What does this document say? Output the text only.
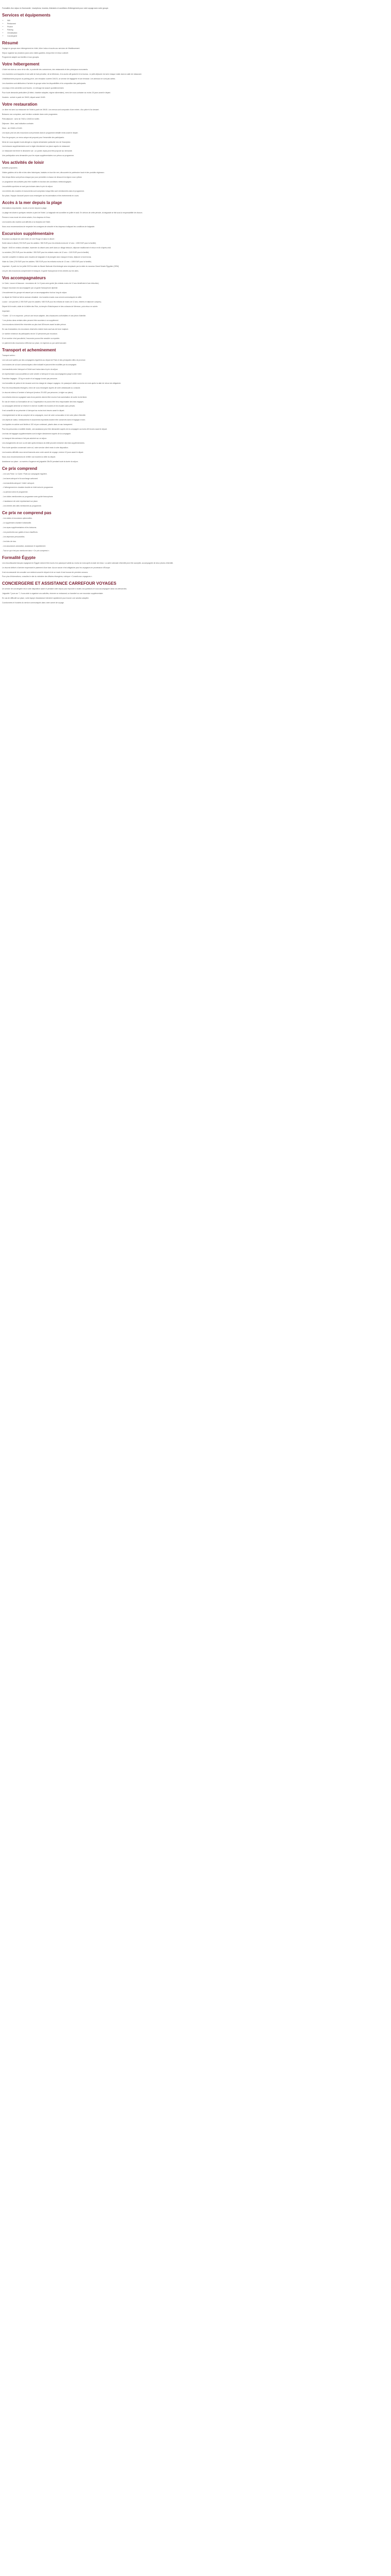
Formalités d'un séjour en Normandie : inscriptions, horaires, itinéraires et conditions d'hébergement pour votre voyage avec votre groupe.

Services et équipements
• Wifi
• Restaurant
• Piscine
• Parking
• Climatisation
• Conciergerie
Résumé

Voyage en groupe avec hébergement en hôtel, dîner inclus et accès aux services de l'établissement.

Séjour organisé sur plusieurs jours avec visites guidées, temps libre et retour collectif.

Programme adapté aux familles et aux groupes.

Votre hébergement

L'hôtel est situé au cœur de la ville, à proximité des commerces, des restaurants et des principaux monuments.

Les chambres sont équipées d'une salle de bain privative, de la télévision, d'un accès wifi gratuit et d'un bureau. Le petit-déjeuner est servi chaque matin dans la salle de restaurant.

L'établissement propose un parking privé, une réception ouverte 24h/24, un service de bagagerie et une terrasse. Les animaux ne sont pas admis.

Les chambres sont attribuées à l'arrivée du groupe selon les disponibilités et la composition des participants.

Les draps et les serviettes sont fournis. Le ménage est assuré quotidiennement.

Pour toute demande particulière (lit bébé, chambre adaptée, régime alimentaire), merci de nous contacter au moins 15 jours avant le départ.

Horaires : arrivée à partir de 15h00, départ avant 11h00.

Votre restauration

Le dîner est servi au restaurant de l'hôtel à partir de 19h30. Les menus sont composés d'une entrée, d'un plat et d'un dessert.

Boissons non comprises, sauf mention contraire dans votre programme.

Petit-déjeuner : servi de 7h00 à 10h00 en buffet.

Déjeuner : libre, sauf indication contraire.

Dîner : de 19h30 à 21h30.

Les repas pris lors des excursions sont précisés dans le programme détaillé remis avant le départ.

Pour les groupes, un menu unique est proposé pour l'ensemble des participants.

Merci de nous signaler toute allergie ou régime alimentaire particulier lors de l'inscription.

Les boissons supplémentaires sont à régler directement sur place auprès du restaurant.

Le restaurant est fermé le dimanche soir ; un panier-repas peut être proposé sur demande.

Une participation sera demandée pour les repas supplémentaires non prévus au programme.

Vos activités de loisir

Activités proposées :

Visites guidées de la ville et des sites historiques, balades en bord de mer, découverte du patrimoine local et des produits régionaux.

Des temps libres sont prévus chaque jour pour permettre à chacun de découvrir la région à son rythme.

Le programme des activités peut être modifié en fonction des conditions météorologiques.

Les activités sportives ne sont pas incluses dans le prix du séjour.

Les entrées des musées et monuments sont comprises lorsqu'elles sont mentionnées dans le programme.

Sur place, l'équipe d'accueil pourra vous renseigner sur les animations et les événements en cours.

Accès à la mer depuis la plage

Informations importantes : Accès à la mer depuis la plage.

La plage est située à quelques minutes à pied de l'hôtel. La baignade est surveillée en juillet et août. En dehors de cette période, la baignade se fait sous la responsabilité de chacun.

Pensez à vous munir de crème solaire, d'un chapeau et d'eau.

Les horaires des marées sont affichés à la réception de l'hôtel.

Nous vous recommandons de respecter les consignes de sécurité et les drapeaux indiquant les conditions de baignade.

Excursion supplémentaire

Excursion au départ de votre hôtel, en mer Rouge et dans le désert :

Sortie dans le désert (700 EUR pour les adultes / 350 EUR pour les enfants moins de 12 ans = 1050 EUR pour la famille)

Départ : 6h30 en minibus climatisé, traversée du désert avec arrêt dans un village bédouin, déjeuner traditionnel et retour en fin d'après-midi.

La croisière (750 EUR pour les adultes / 350 EUR pour les enfants moins de 12 ans = 1100 EUR pour la famille)

Journée complète en bateau avec escales de baignade et de plongée avec masque et tuba, déjeuner à bord inclus.

Visite du Caire (700 EUR pour les adultes / 350 EUR pour les enfants moins de 12 ans = 1050 EUR pour la famille)

Important : À partir du 1er juillet 2023 la visite du Musée National d'Archéologie sera remplacée par la visite du nouveau Grand Musée Égyptien (GEM).

Les prix des excursions comprennent le transport, le guide francophone et les entrées sur les sites.

Vos accompagnateurs

Le Caire, Louxor et Assouan : excursions de 1 à 3 jours avec guide (les enfants moins de 12 ans bénéficient d'une réduction).

Chaque excursion est accompagnée par un guide francophone diplômé.

L'encadrement du groupe est assuré par un accompagnateur tout au long du séjour.

Le départ de l'hôtel se fait en autocar climatisé. Les horaires exacts vous seront communiqués la veille.

Louxor : une journée (1 050 EUR pour les adultes / 480 EUR pour les enfants de moins de 12 ans, entrées et déjeuner compris).

Départ tôt le matin, visite de la Vallée des Rois, du temple d'Hatchepsout et des colosses de Memnon, puis retour en soirée.

Important :

* Durée : 12 h en moyenne ; prévoir une tenue adaptée, des chaussures confortables et une pièce d'identité.

* Les photos dans certains sites peuvent être soumises à un supplément.

Les excursions doivent être réservées au plus tard 48 heures avant la date prévue.

En cas d'annulation, les excursions réservées restent dues sauf cas de force majeure.

Le nombre minimum de participants est de 10 personnes par excursion.

Si ce nombre n'est pas atteint, l'excursion pourra être annulée ou reportée.

Le paiement des excursions s'effectue sur place, en espèces ou par carte bancaire.

Transport et acheminement

Transport aérien :

Les vols sont opérés par des compagnies régulières au départ de Paris et des principales villes de province.

Les horaires de vol sont communiqués à titre indicatif et peuvent être modifiés par la compagnie.

Les transferts entre l'aéroport et l'hôtel sont inclus dans le prix du séjour.

Un représentant vous accueillera à votre arrivée à l'aéroport et vous accompagnera jusqu'à votre hôtel.

Franchise bagages : 20 kg en soute et un bagage à main par personne.

Les formalités de police et de douane sont à la charge de chaque voyageur. Un passeport valide au moins six mois après la date de retour est obligatoire.

Pour les ressortissants étrangers, merci de vous renseigner auprès de votre ambassade ou consulat.

Le visa est obtenu à l'arrivée à l'aéroport (environ 25 USD par personne, à régler sur place).

Les enfants mineurs voyageant sans leurs parents doivent être munis d'une autorisation de sortie du territoire.

En cas de retard ou d'annulation de vol, l'organisateur ne pourra être tenu responsable des frais engagés.

La compagnie aérienne se réserve le droit de modifier les horaires et les escales sans préavis.

Il est conseillé de se présenter à l'aéroport au moins trois heures avant le départ.

L'enregistrement se fait au comptoir de la compagnie, muni de votre convocation et de votre pièce d'identité.

Les objets de valeur, médicaments et documents importants doivent être conservés dans le bagage à main.

Les liquides en cabine sont limités à 100 ml par contenant, placés dans un sac transparent.

Pour les personnes à mobilité réduite, une assistance peut être demandée auprès de la compagnie au moins 48 heures avant le départ.

Les frais de bagages supplémentaires sont à régler directement auprès de la compagnie.

Le transport des animaux n'est pas autorisé sur ce séjour.

Les changements de nom ou de date après émission du billet peuvent entraîner des frais supplémentaires.

Pour toute question concernant votre vol, notre service client reste à votre disposition.

Les horaires définitifs vous seront transmis avec votre carnet de voyage, environ 10 jours avant le départ.

Nous vous recommandons de vérifier vos horaires la veille du départ.

Assistance sur place : un numéro d'urgence est joignable 24h/24 pendant toute la durée du séjour.

Ce prix comprend

- Les vols Paris / Le Caire / Paris sur compagnie régulière.

- Les taxes aéroport et la surcharge carburant.

- Les transferts aéroport / hôtel / aéroport.

- L'hébergement en chambre double en hôtel selon le programme.

- La pension selon le programme.

- Les visites mentionnées au programme avec guide francophone.

- L'assistance de notre représentant sur place.

- Les entrées des sites mentionnés au programme.

Ce prix ne comprend pas

- Les visites et excursions optionnelles.

- Le supplément chambre individuelle.

- Les repas supplémentaires et les boissons.

- Les pourboires aux guides et aux chauffeurs.

- Les dépenses personnelles.

- Les frais de visa.

- Les assurances annulation, assistance et rapatriement.

- Tout ce qui n'est pas mentionné dans « Ce prix comprend ».

Formalité Égypte

Les ressortissants français voyageant en Égypte doivent être munis d'un passeport valide au moins six mois après la date de retour. La carte nationale d'identité peut être acceptée, accompagnée de deux photos d'identité.

Le visa est délivré à l'arrivée moyennant le paiement d'une taxe. Aucun vaccin n'est obligatoire pour les voyageurs en provenance d'Europe.

Il est recommandé de consulter son médecin avant le départ et de se munir d'une trousse de premiers secours.

Pour plus d'informations, consultez le site du ministère des Affaires étrangères, rubrique « Conseils aux voyageurs ».

CONCIERGERIE ET ASSISTANCE CARREFOUR VOYAGES

Un service de conciergerie est à votre disposition avant et pendant votre séjour pour répondre à toutes vos questions et vous accompagner dans vos démarches.

Joignable 7 jours sur 7, il vous aide à organiser vos activités, réserver un restaurant, un transfert ou une excursion supplémentaire.

En cas de difficulté sur place, notre équipe d'assistance intervient rapidement pour trouver une solution adaptée.

Coordonnées et horaires du service communiqués dans votre carnet de voyage.
